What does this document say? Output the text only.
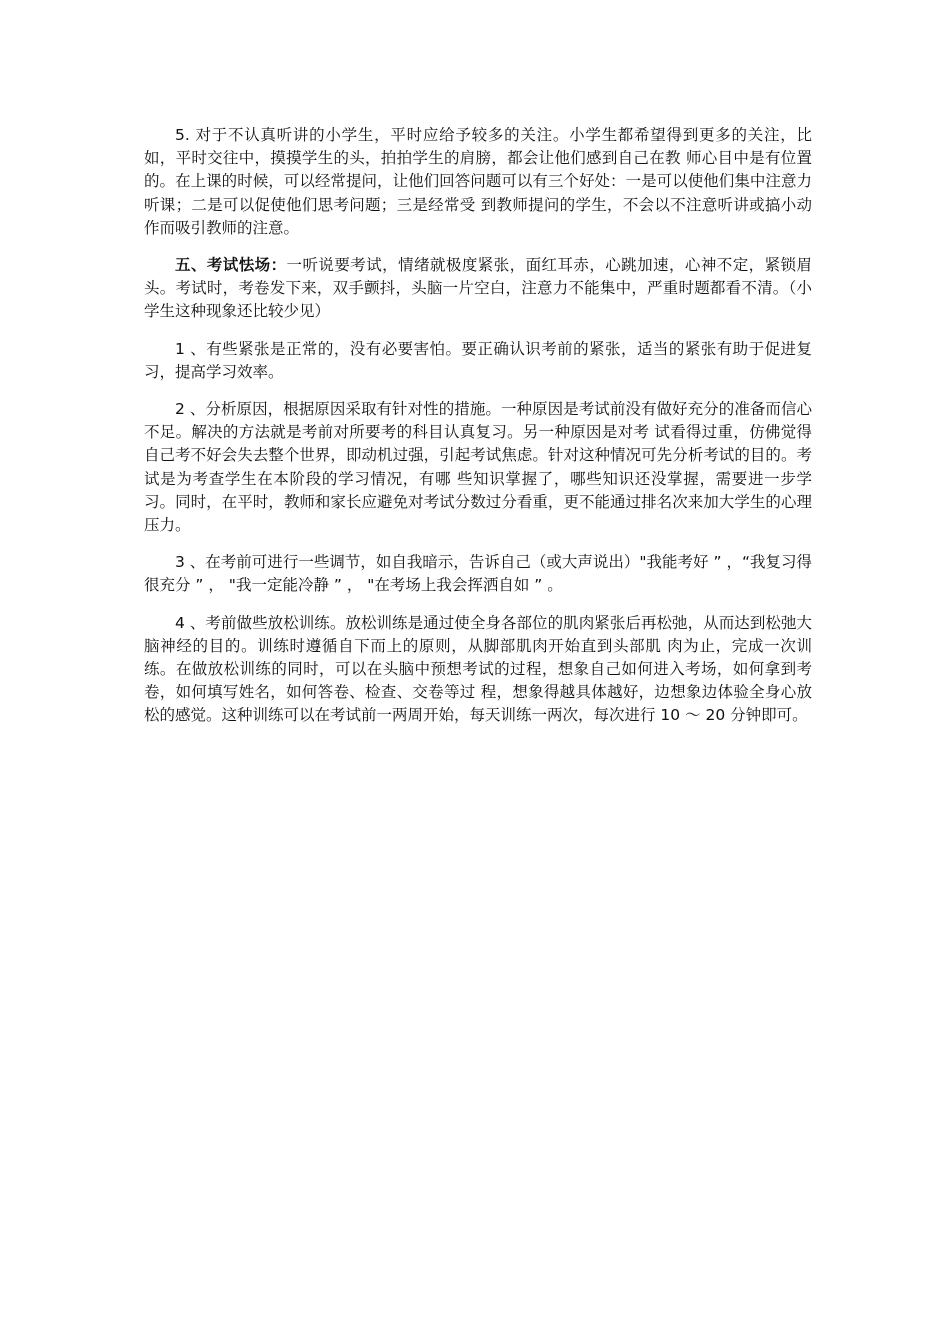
5. 对于不认真听讲的小学生，平时应给予较多的关注。小学生都希望得到更多的关注，比如，平时交往中，摸摸学生的头，拍拍学生的肩膀，都会让他们感到自己在教 师心目中是有位置的。在上课的时候，可以经常提问，让他们回答问题可以有三个好处：一是可以使他们集中注意力听课；二是可以促使他们思考问题；三是经常受 到教师提问的学生，不会以不注意听讲或搞小动作而吸引教师的注意。

五、考试怯场：一听说要考试，情绪就极度紧张，面红耳赤，心跳加速，心神不定，紧锁眉头。考试时，考卷发下来，双手颤抖，头脑一片空白，注意力不能集中，严重时题都看不清。（小学生这种现象还比较少见）

1 、有些紧张是正常的，没有必要害怕。要正确认识考前的紧张，适当的紧张有助于促进复习，提高学习效率。

2 、分析原因，根据原因采取有针对性的措施。一种原因是考试前没有做好充分的准备而信心不足。解决的方法就是考前对所要考的科目认真复习。另一种原因是对考 试看得过重，仿佛觉得自己考不好会失去整个世界，即动机过强，引起考试焦虑。针对这种情况可先分析考试的目的。考试是为考查学生在本阶段的学习情况，有哪 些知识掌握了，哪些知识还没掌握，需要进一步学习。同时，在平时，教师和家长应避免对考试分数过分看重，更不能通过排名次来加大学生的心理压力。

3 、在考前可进行一些调节，如自我暗示，告诉自己（或大声说出）"我能考好 ” ，“我复习得很充分 ” ， "我一定能冷静 ” ， "在考场上我会挥洒自如 ” 。

4 、考前做些放松训练。放松训练是通过使全身各部位的肌肉紧张后再松弛，从而达到松弛大脑神经的目的。训练时遵循自下而上的原则，从脚部肌肉开始直到头部肌 肉为止，完成一次训练。在做放松训练的同时，可以在头脑中预想考试的过程，想象自己如何进入考场，如何拿到考卷，如何填写姓名，如何答卷、检查、交卷等过 程，想象得越具体越好，边想象边体验全身心放松的感觉。这种训练可以在考试前一两周开始，每天训练一两次，每次进行 10 ～ 20 分钟即可。
